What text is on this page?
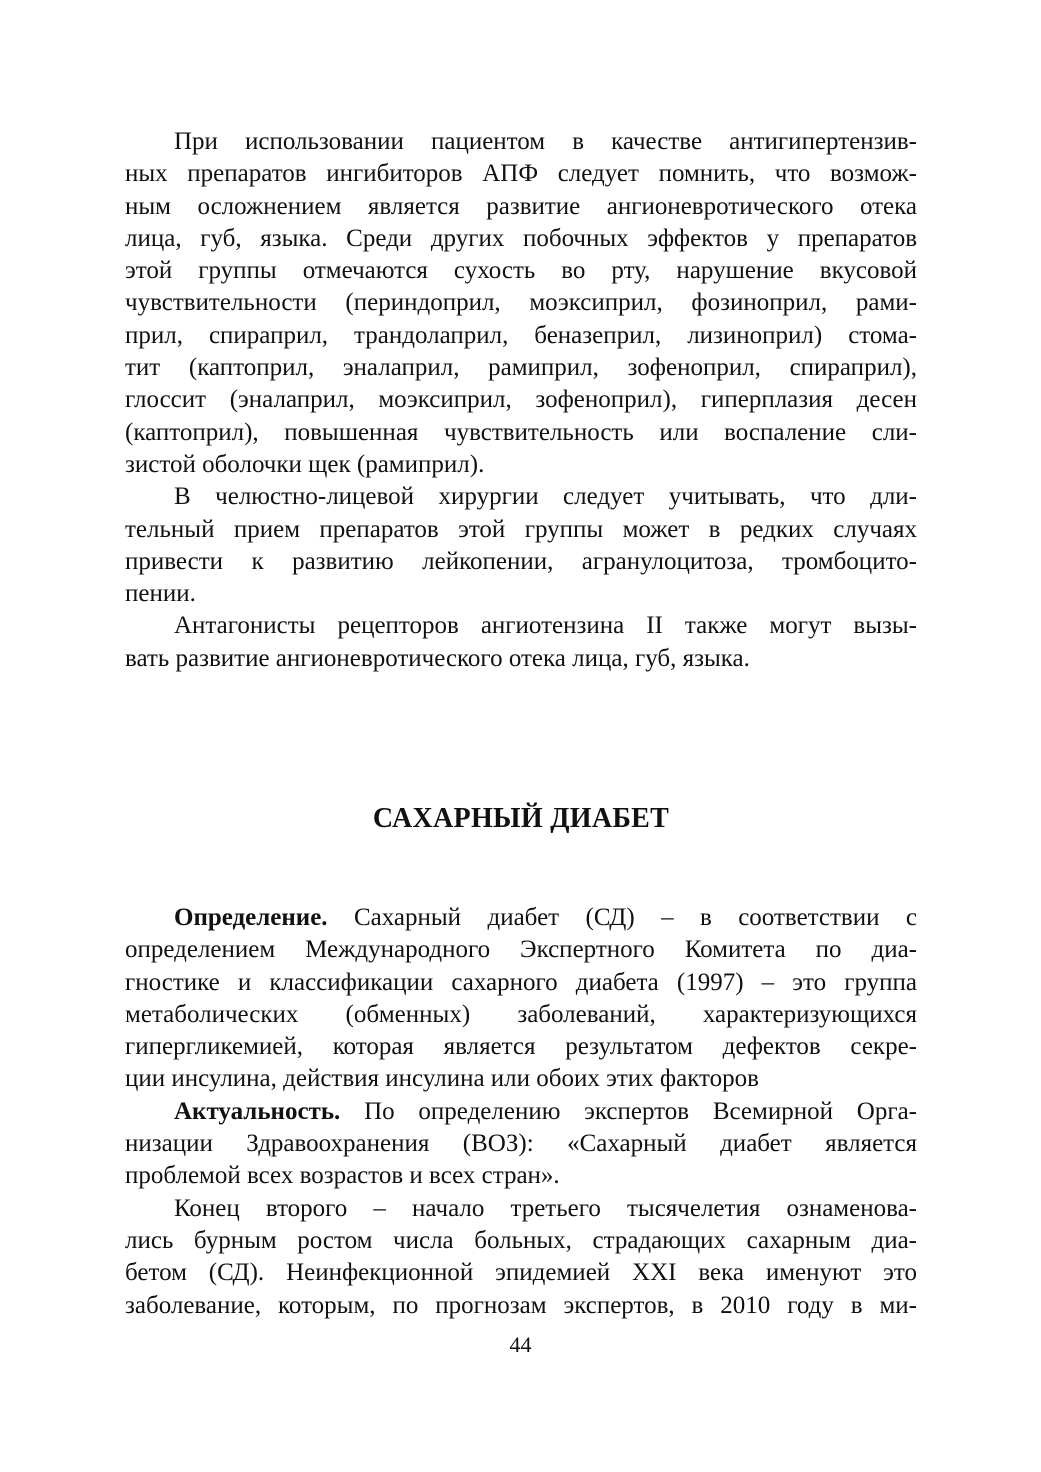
При использовании пациентом в качестве антигипертензив-
ных препаратов ингибиторов АПФ следует помнить, что возмож-
ным осложнением является развитие ангионевротического отека
лица, губ, языка. Среди других побочных эффектов у препаратов
этой группы отмечаются сухость во рту, нарушение вкусовой
чувствительности (периндоприл, моэксиприл, фозиноприл, рами-
прил, спираприл, трандолаприл, беназеприл, лизиноприл) стома-
тит (каптоприл, эналаприл, рамиприл, зофеноприл, спираприл),
глоссит (эналаприл, моэксиприл, зофеноприл), гиперплазия десен
(каптоприл), повышенная чувствительность или воспаление сли-
зистой оболочки щек (рамиприл).
В челюстно-лицевой хирургии следует учитывать, что дли-
тельный прием препаратов этой группы может в редких случаях
привести к развитию лейкопении, агранулоцитоза, тромбоцито-
пении.
Антагонисты рецепторов ангиотензина II также могут вызы-
вать развитие ангионевротического отека лица, губ, языка.
САХАРНЫЙ ДИАБЕТ
Определение. Сахарный диабет (СД) – в соответствии с
определением Международного Экспертного Комитета по диа-
гностике и классификации сахарного диабета (1997) – это группа
метаболических (обменных) заболеваний, характеризующихся
гипергликемией, которая является результатом дефектов секре-
ции инсулина, действия инсулина или обоих этих факторов
Актуальность. По определению экспертов Всемирной Орга-
низации Здравоохранения (ВОЗ): «Сахарный диабет является
проблемой всех возрастов и всех стран».
Конец второго – начало третьего тысячелетия ознаменова-
лись бурным ростом числа больных, страдающих сахарным диа-
бетом (СД). Неинфекционной эпидемией XXI века именуют это
заболевание, которым, по прогнозам экспертов, в 2010 году в ми-
44
